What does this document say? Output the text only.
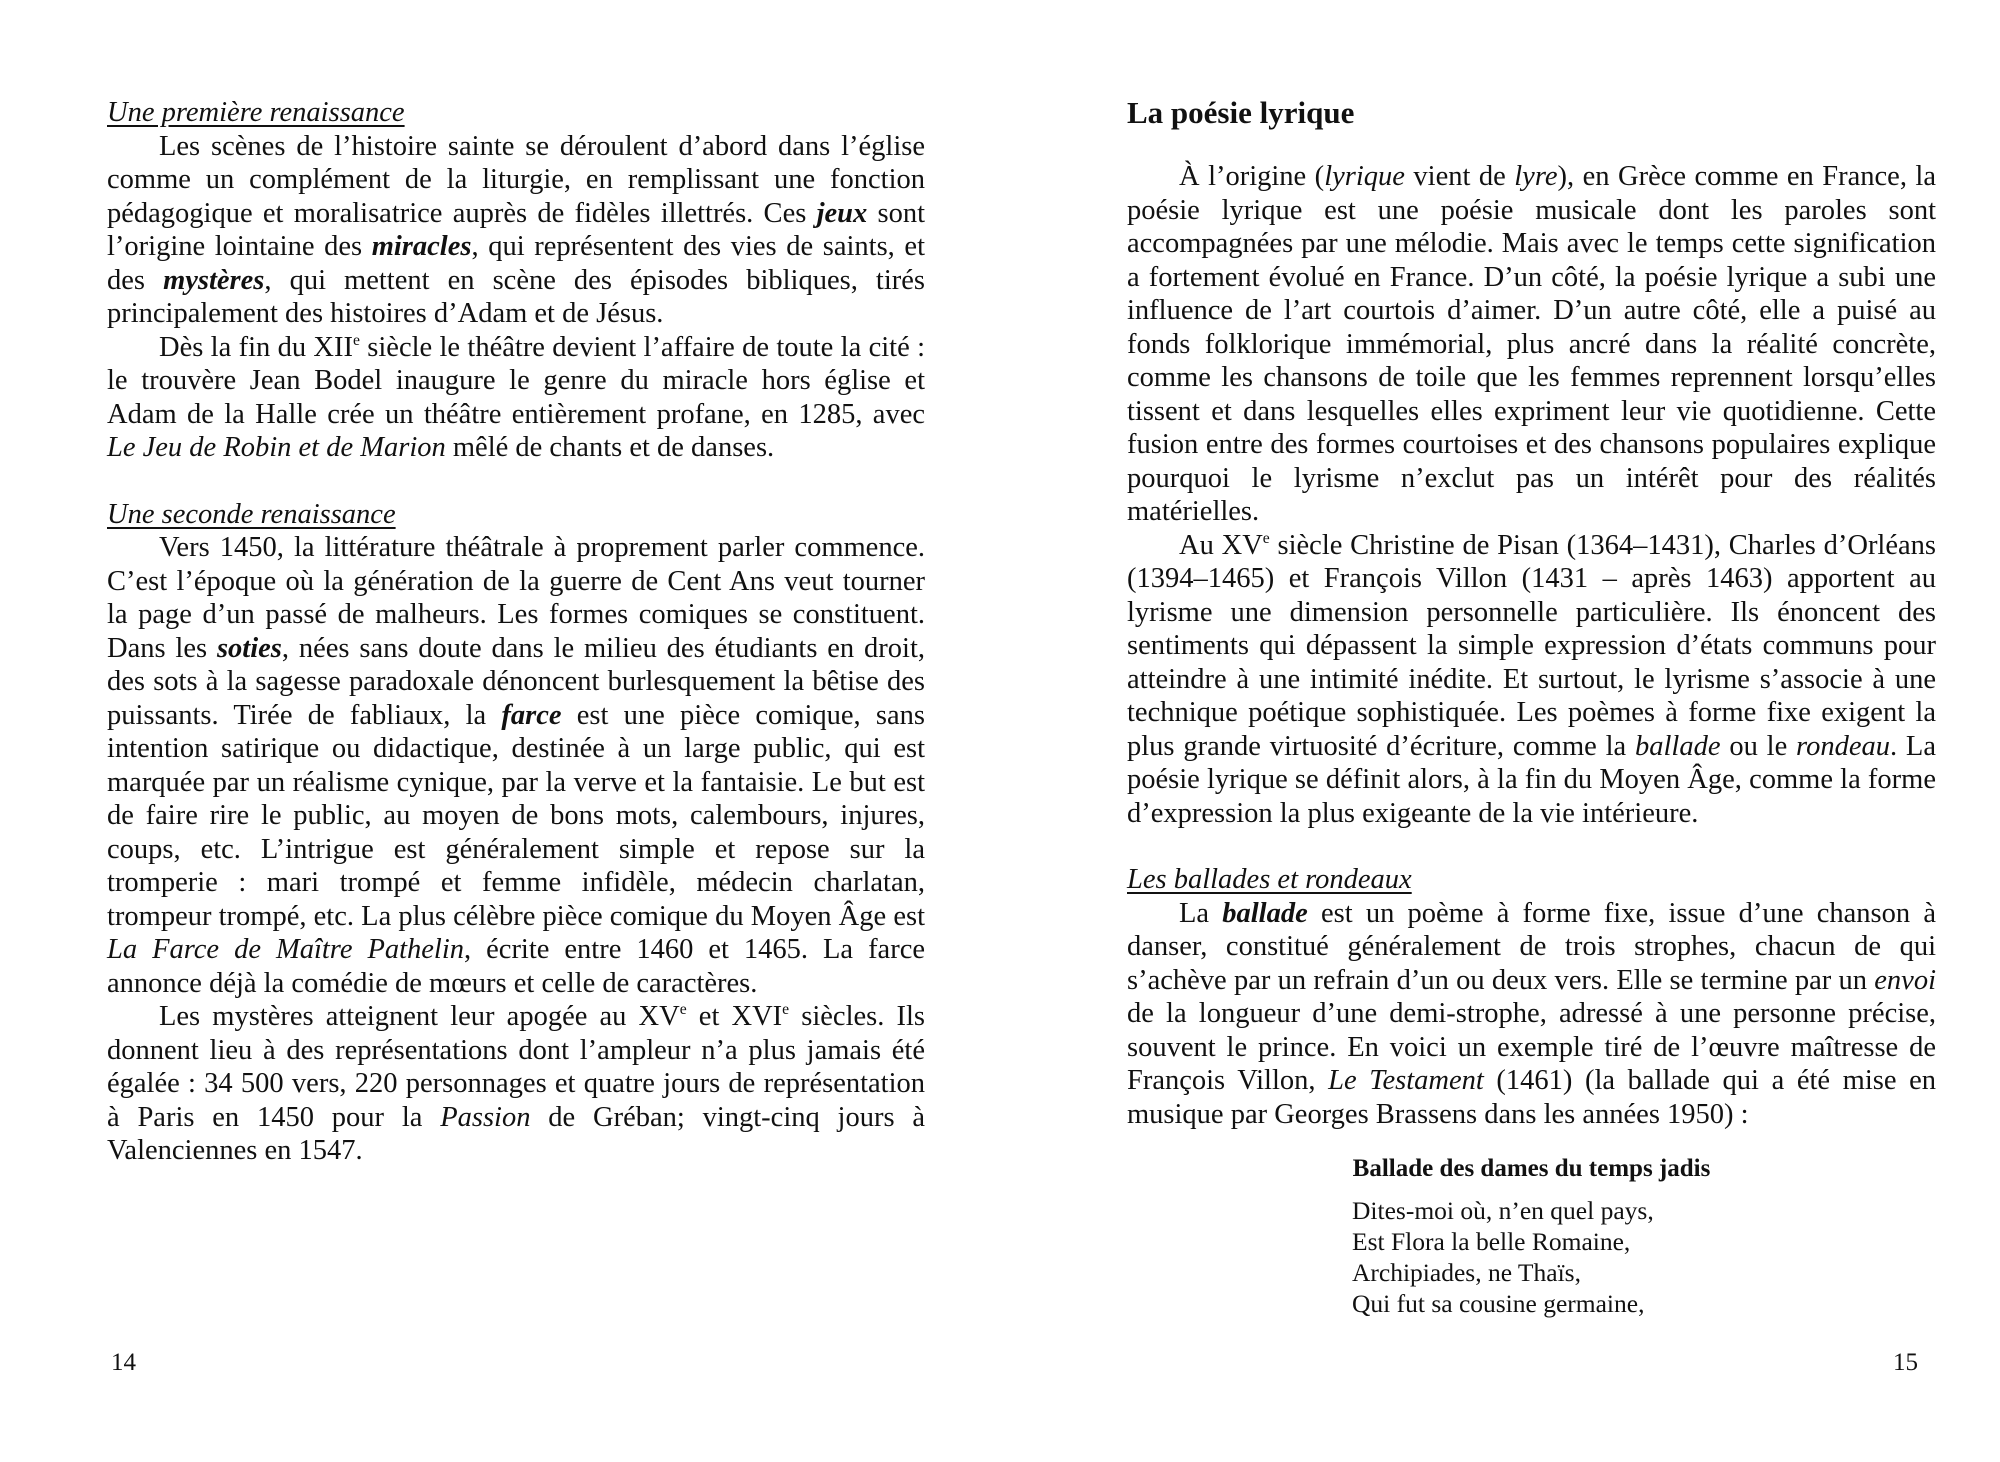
Une première renaissance

Les scènes de l’histoire sainte se déroulent d’abord dans l’église comme un complément de la liturgie, en remplissant une fonction pédagogique et moralisatrice auprès de fidèles illettrés. Ces jeux sont l’origine lointaine des miracles, qui représentent des vies de saints, et des mystères, qui mettent en scène des épisodes bibliques, tirés principalement des histoires d’Adam et de Jésus.

Dès la fin du XIIe siècle le théâtre devient l’affaire de toute la cité : le trouvère Jean Bodel inaugure le genre du miracle hors église et Adam de la Halle crée un théâtre entièrement profane, en 1285, avec Le Jeu de Robin et de Marion mêlé de chants et de danses.

Une seconde renaissance

Vers 1450, la littérature théâtrale à proprement parler commence. C’est l’époque où la génération de la guerre de Cent Ans veut tourner la page d’un passé de malheurs. Les formes comiques se constituent. Dans les soties, nées sans doute dans le milieu des étudiants en droit, des sots à la sagesse paradoxale dénoncent burlesquement la bêtise des puissants. Tirée de fabliaux, la farce est une pièce comique, sans intention satirique ou didactique, destinée à un large public, qui est marquée par un réalisme cynique, par la verve et la fantaisie. Le but est de faire rire le public, au moyen de bons mots, calembours, injures, coups, etc. L’intrigue est généralement simple et repose sur la tromperie : mari trompé et femme infidèle, médecin charlatan, trompeur trompé, etc. La plus célèbre pièce comique du Moyen Âge est La Farce de Maître Pathelin, écrite entre 1460 et 1465. La farce annonce déjà la comédie de mœurs et celle de caractères.

Les mystères atteignent leur apogée au XVe et XVIe siècles. Ils donnent lieu à des représentations dont l’ampleur n’a plus jamais été égalée : 34 500 vers, 220 personnages et quatre jours de représentation à Paris en 1450 pour la Passion de Gréban; vingt-cinq jours à Valenciennes en 1547.

14
La poésie lyrique

À l’origine (lyrique vient de lyre), en Grèce comme en France, la poésie lyrique est une poésie musicale dont les paroles sont accompagnées par une mélodie. Mais avec le temps cette signification a fortement évolué en France. D’un côté, la poésie lyrique a subi une influence de l’art courtois d’aimer. D’un autre côté, elle a puisé au fonds folklorique immémorial, plus ancré dans la réalité concrète, comme les chansons de toile que les femmes reprennent lorsqu’elles tissent et dans lesquelles elles expriment leur vie quotidienne. Cette fusion entre des formes courtoises et des chansons populaires explique pourquoi le lyrisme n’exclut pas un intérêt pour des réalités matérielles.

Au XVe siècle Christine de Pisan (1364–1431), Charles d’Orléans (1394–1465) et François Villon (1431 – après 1463) apportent au lyrisme une dimension personnelle particulière. Ils énoncent des sentiments qui dépassent la simple expression d’états communs pour atteindre à une intimité inédite. Et surtout, le lyrisme s’associe à une technique poétique sophistiquée. Les poèmes à forme fixe exigent la plus grande virtuosité d’écriture, comme la ballade ou le rondeau. La poésie lyrique se définit alors, à la fin du Moyen Âge, comme la forme d’expression la plus exigeante de la vie intérieure.

Les ballades et rondeaux

La ballade est un poème à forme fixe, issue d’une chanson à danser, constitué généralement de trois strophes, chacun de qui s’achève par un refrain d’un ou deux vers. Elle se termine par un envoi de la longueur d’une demi-strophe, adressé à une personne précise, souvent le prince. En voici un exemple tiré de l’œuvre maîtresse de François Villon, Le Testament (1461) (la ballade qui a été mise en musique par Georges Brassens dans les années 1950) :

Ballade des dames du temps jadis
Dites-moi où, n’en quel pays,
Est Flora la belle Romaine,
Archipiades, ne Thaïs,
Qui fut sa cousine germaine,
15
